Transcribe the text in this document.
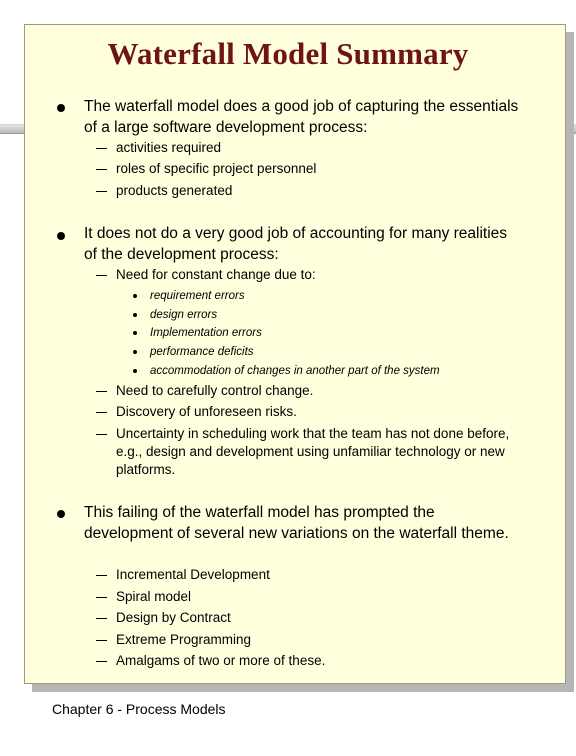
Waterfall Model Summary
The waterfall model does a good job of capturing the essentials of a large software development process:
activities required
roles of specific project personnel
products generated
It does not do a very good job of accounting for many realities of the development process:
Need for constant change due to:
requirement errors
design errors
Implementation errors
performance deficits
accommodation of changes in another part of the system
Need to carefully control change.
Discovery of unforeseen risks.
Uncertainty in scheduling work that the team has not done before, e.g., design and development using unfamiliar technology or new platforms.
This failing of the waterfall model has prompted the development of several new variations on the waterfall theme.
Incremental Development
Spiral model
Design by Contract
Extreme Programming
Amalgams of two or more of these.
Chapter 6 - Process Models
